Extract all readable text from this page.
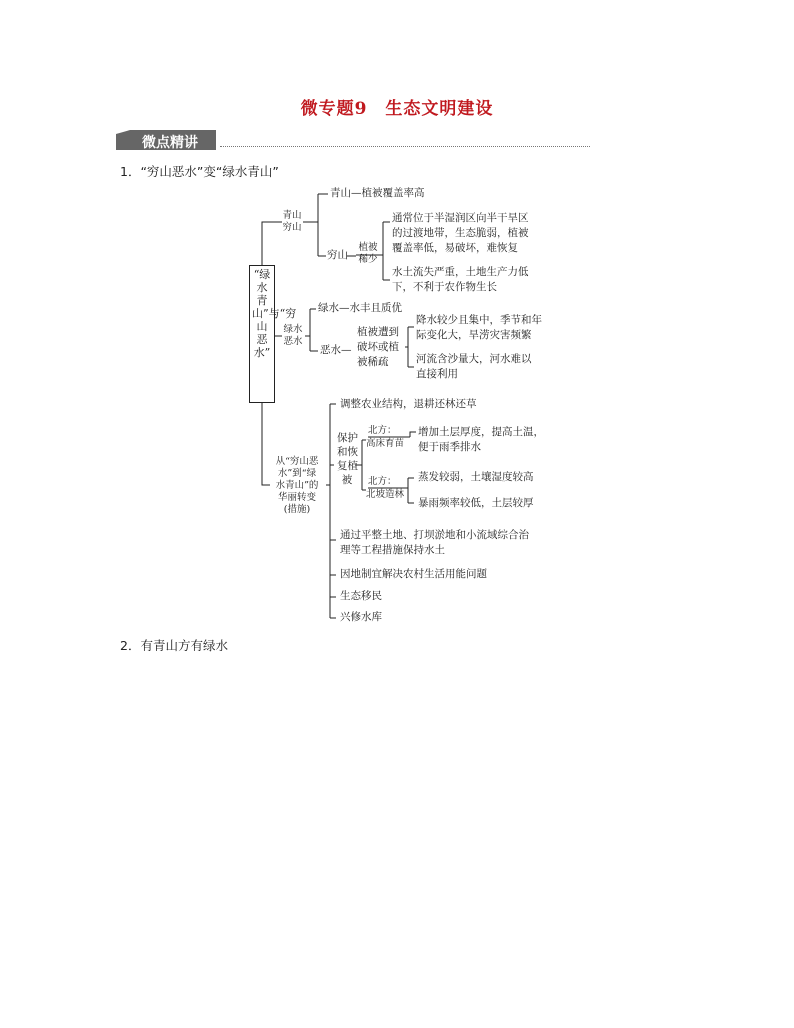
微专题9　生态文明建设
微点精讲
1．“穷山恶水”变“绿水青山”
“绿水青山”与“穷山恶水”
青山
穷山
青山—植被覆盖率高
穷山
植被
稀少
通常位于半湿润区向半干旱区
的过渡地带，生态脆弱，植被
覆盖率低，易破坏，难恢复
水土流失严重，土地生产力低
下，不利于农作物生长
绿水
恶水
绿水—水丰且质优
恶水—
植被遭到
破坏或植
被稀疏
降水较少且集中，季节和年
际变化大，旱涝灾害频繁
河流含沙量大，河水难以
直接利用
从“穷山恶
水”到“绿
水青山”的
华丽转变
(措施)
调整农业结构，退耕还林还草
保护
和恢
复植
被
北方：
高床育苗
增加土层厚度，提高土温，
便于雨季排水
北方：
北坡造林
蒸发较弱，土壤湿度较高
暴雨频率较低，土层较厚
通过平整土地、打坝淤地和小流域综合治
理等工程措施保持水土
因地制宜解决农村生活用能问题
生态移民
兴修水库
2．有青山方有绿水
